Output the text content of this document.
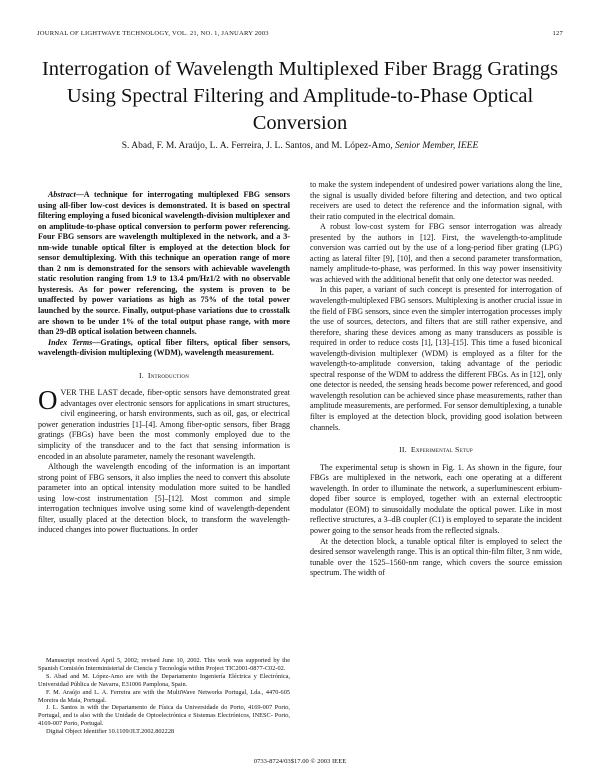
JOURNAL OF LIGHTWAVE TECHNOLOGY, VOL. 21, NO. 1, JANUARY 2003	127
Interrogation of Wavelength Multiplexed Fiber Bragg Gratings Using Spectral Filtering and Amplitude-to-Phase Optical Conversion
S. Abad, F. M. Araújo, L. A. Ferreira, J. L. Santos, and M. López-Amo, Senior Member, IEEE

Abstract—A technique for interrogating multiplexed FBG sensors using all-fiber low-cost devices is demonstrated. It is based on spectral filtering employing a fused biconical wavelength-division multiplexer and on amplitude-to-phase optical conversion to perform power referencing. Four FBG sensors are wavelength multiplexed in the network, and a 3-nm-wide tunable optical filter is employed at the detection block for sensor demultiplexing. With this technique an operation range of more than 2 nm is demonstrated for the sensors with achievable wavelength static resolution ranging from 1.9 to 13.4 pm/Hz1/2 with no observable hysteresis. As for power referencing, the system is proven to be unaffected by power variations as high as 75% of the total power launched by the source. Finally, output-phase variations due to crosstalk are shown to be under 1% of the total output phase range, with more than 29-dB optical isolation between channels.

Index Terms—Gratings, optical fiber filters, optical fiber sensors, wavelength-division multiplexing (WDM), wavelength measurement.

I. Introduction

OVER THE LAST decade, fiber-optic sensors have demonstrated great advantages over electronic sensors for applications in smart structures, civil engineering, or harsh environments, such as oil, gas, or electrical power generation industries [1]–[4]. Among fiber-optic sensors, fiber Bragg gratings (FBGs) have been the most commonly employed due to the simplicity of the transducer and to the fact that sensing information is encoded in an absolute parameter, namely the resonant wavelength.

Although the wavelength encoding of the information is an important strong point of FBG sensors, it also implies the need to convert this absolute parameter into an optical intensity modulation more suited to be handled using low-cost instrumentation [5]–[12]. Most common and simple interrogation techniques involve using some kind of wavelength-dependent filter, usually placed at the detection block, to transform the wavelength-induced changes into power fluctuations. In order

Manuscript received April 5, 2002; revised June 10, 2002. This work was supported by the Spanish Comisión Interministerial de Ciencia y Tecnología within Project TIC2001-0877-C02-02.

S. Abad and M. López-Amo are with the Departamento Ingeniería Eléctrica y Electrónica, Universidad Pública de Navarra, E31006 Pamplona, Spain.

F. M. Araújo and L. A. Ferreira are with the MultiWave Networks Portugal, Lda., 4470-605 Moreira da Maia, Portugal.

J. L. Santos is with the Departamento de Física da Universidade do Porto, 4169-007 Porto, Portugal, and is also with the Unidade de Optoelectrónica e Sistemas Electrónicos, INESC- Porto, 4169-007 Porto, Portugal.

Digital Object Identifier 10.1109/JLT.2002.802228

to make the system independent of undesired power variations along the line, the signal is usually divided before filtering and detection, and two optical receivers are used to detect the reference and the information signal, with their ratio computed in the electrical domain.

A robust low-cost system for FBG sensor interrogation was already presented by the authors in [12]. First, the wavelength-to-amplitude conversion was carried out by the use of a long-period fiber grating (LPG) acting as lateral filter [9], [10], and then a second parameter transformation, namely amplitude-to-phase, was performed. In this way power insensitivity was achieved with the additional benefit that only one detector was needed.

In this paper, a variant of such concept is presented for interrogation of wavelength-multiplexed FBG sensors. Multiplexing is another crucial issue in the field of FBG sensors, since even the simpler interrogation processes imply the use of sources, detectors, and filters that are still rather expensive, and therefore, sharing these devices among as many transducers as possible is required in order to reduce costs [1], [13]–[15]. This time a fused biconical wavelength-division multiplexer (WDM) is employed as a filter for the wavelength-to-amplitude conversion, taking advantage of the periodic spectral response of the WDM to address the different FBGs. As in [12], only one detector is needed, the sensing heads become power referenced, and good wavelength resolution can be achieved since phase measurements, rather than amplitude measurements, are performed. For sensor demultiplexing, a tunable filter is employed at the detection block, providing good isolation between channels.

II. Experimental Setup

The experimental setup is shown in Fig. 1. As shown in the figure, four FBGs are multiplexed in the network, each one operating at a different wavelength. In order to illuminate the network, a superluminescent erbium-doped fiber source is employed, together with an external electrooptic modulator (EOM) to sinusoidally modulate the optical power. Like in most reflective structures, a 3–dB coupler (C1) is employed to separate the incident power going to the sensor heads from the reflected signals.

At the detection block, a tunable optical filter is employed to select the desired sensor wavelength range. This is an optical thin-film filter, 3 nm wide, tunable over the 1525–1560-nm range, which covers the source emission spectrum. The width of

0733-8724/03$17.00 © 2003 IEEE
